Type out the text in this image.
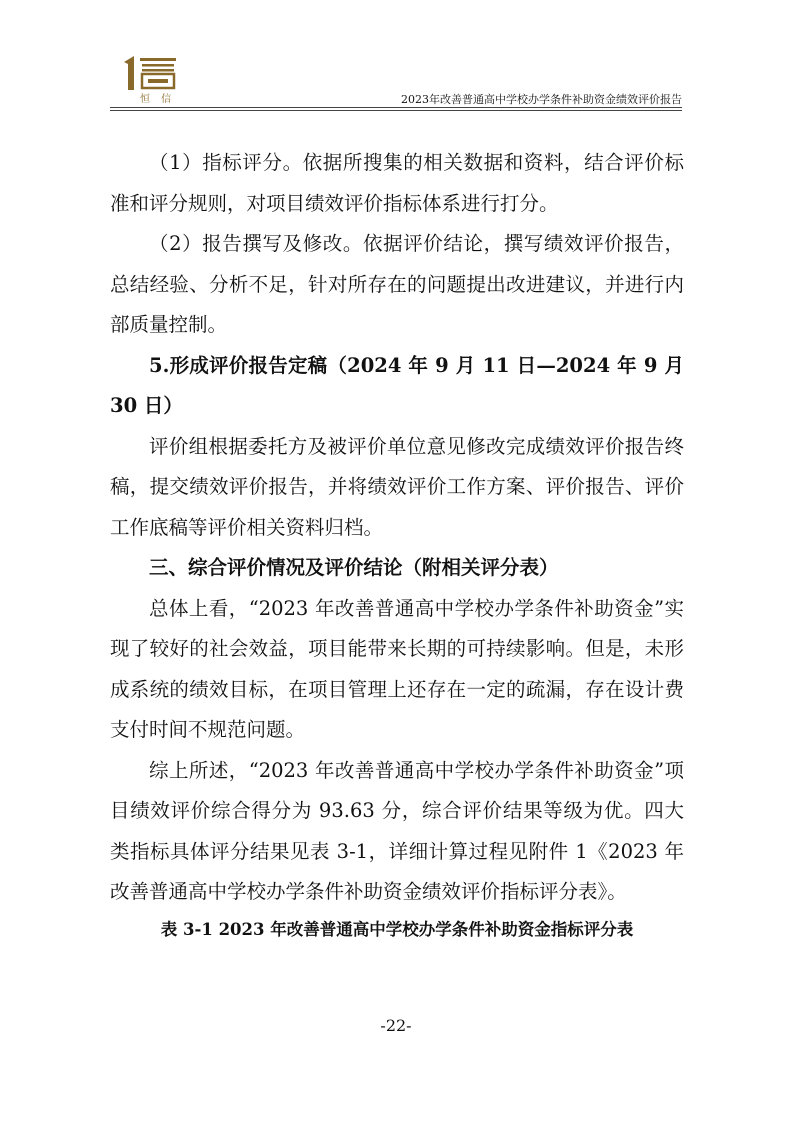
恒 信	2023年改善普通高中学校办学条件补助资金绩效评价报告

（1）指标评分。依据所搜集的相关数据和资料，结合评价标准和评分规则，对项目绩效评价指标体系进行打分。

（2）报告撰写及修改。依据评价结论，撰写绩效评价报告，总结经验、分析不足，针对所存在的问题提出改进建议，并进行内部质量控制。

5.形成评价报告定稿（2024 年 9 月 11 日—2024 年 9 月 30 日）

评价组根据委托方及被评价单位意见修改完成绩效评价报告终稿，提交绩效评价报告，并将绩效评价工作方案、评价报告、评价工作底稿等评价相关资料归档。

三、综合评价情况及评价结论（附相关评分表）

总体上看，“2023 年改善普通高中学校办学条件补助资金”实现了较好的社会效益，项目能带来长期的可持续影响。但是，未形成系统的绩效目标，在项目管理上还存在一定的疏漏，存在设计费支付时间不规范问题。

综上所述，“2023 年改善普通高中学校办学条件补助资金”项目绩效评价综合得分为 93.63 分，综合评价结果等级为优。四大类指标具体评分结果见表 3-1，详细计算过程见附件 1《2023 年改善普通高中学校办学条件补助资金绩效评价指标评分表》。

表 3-1 2023 年改善普通高中学校办学条件补助资金指标评分表
-22-
